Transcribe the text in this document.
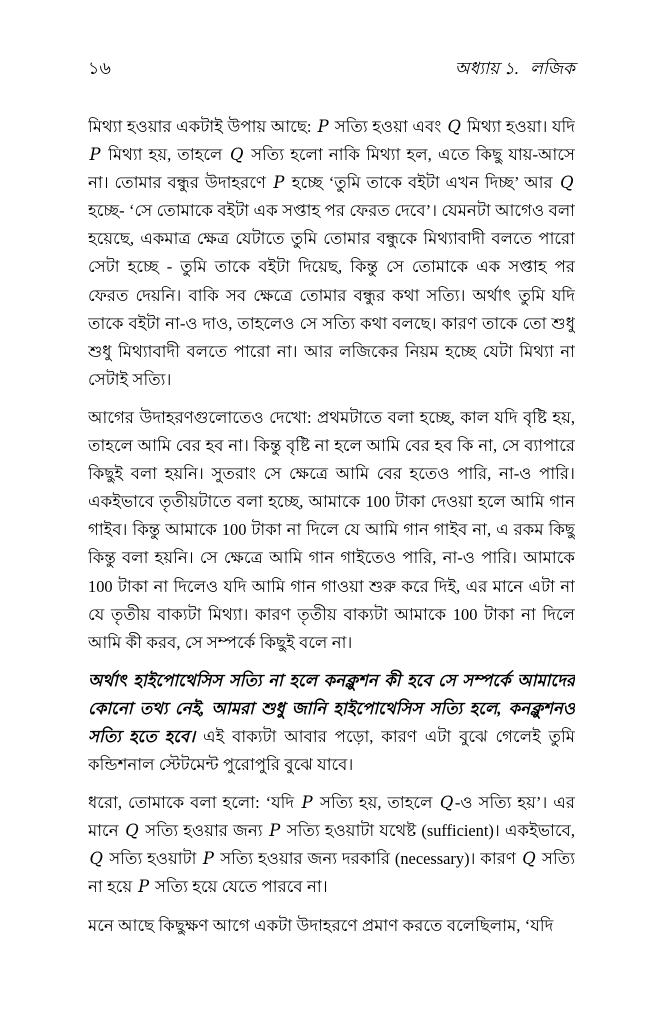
১৬	অধ্যায় ১. লজিক

মিথ্যা হওয়ার একটাই উপায় আছে: P সত্যি হওয়া এবং Q মিথ্যা হওয়া। যদি P মিথ্যা হয়, তাহলে Q সত্যি হলো নাকি মিথ্যা হল, এতে কিছু যায়-আসে না। তোমার বন্ধুর উদাহরণে P হচ্ছে ‘তুমি তাকে বইটা এখন দিচ্ছ’ আর Q হচ্ছে- ‘সে তোমাকে বইটা এক সপ্তাহ পর ফেরত দেবে’। যেমনটা আগেও বলা হয়েছে, একমাত্র ক্ষেত্র যেটাতে তুমি তোমার বন্ধুকে মিথ্যাবাদী বলতে পারো সেটা হচ্ছে - তুমি তাকে বইটা দিয়েছ, কিন্তু সে তোমাকে এক সপ্তাহ পর ফেরত দেয়নি। বাকি সব ক্ষেত্রে তোমার বন্ধুর কথা সত্যি। অর্থাৎ তুমি যদি তাকে বইটা না-ও দাও, তাহলেও সে সত্যি কথা বলছে। কারণ তাকে তো শুধু শুধু মিথ্যাবাদী বলতে পারো না। আর লজিকের নিয়ম হচ্ছে যেটা মিথ্যা না সেটাই সত্যি।

আগের উদাহরণগুলোতেও দেখো: প্রথমটাতে বলা হচ্ছে, কাল যদি বৃষ্টি হয়, তাহলে আমি বের হব না। কিন্তু বৃষ্টি না হলে আমি বের হব কি না, সে ব্যাপারে কিছুই বলা হয়নি। সুতরাং সে ক্ষেত্রে আমি বের হতেও পারি, না-ও পারি। একইভাবে তৃতীয়টাতে বলা হচ্ছে, আমাকে 100 টাকা দেওয়া হলে আমি গান গাইব। কিন্তু আমাকে 100 টাকা না দিলে যে আমি গান গাইব না, এ রকম কিছু কিন্তু বলা হয়নি। সে ক্ষেত্রে আমি গান গাইতেও পারি, না-ও পারি। আমাকে 100 টাকা না দিলেও যদি আমি গান গাওয়া শুরু করে দিই, এর মানে এটা না যে তৃতীয় বাক্যটা মিথ্যা। কারণ তৃতীয় বাক্যটা আমাকে 100 টাকা না দিলে আমি কী করব, সে সম্পর্কে কিছুই বলে না।

অর্থাৎ হাইপোথেসিস সত্যি না হলে কনক্লুশন কী হবে সে সম্পর্কে আমাদের কোনো তথ্য নেই, আমরা শুধু জানি হাইপোথেসিস সত্যি হলে, কনক্লুশনও সত্যি হতে হবে। এই বাক্যটা আবার পড়ো, কারণ এটা বুঝে গেলেই তুমি কন্ডিশনাল স্টেটমেন্ট পুরোপুরি বুঝে যাবে।

ধরো, তোমাকে বলা হলো: ‘যদি P সত্যি হয়, তাহলে Q-ও সত্যি হয়’। এর মানে Q সত্যি হওয়ার জন্য P সত্যি হওয়াটা যথেষ্ট (sufficient)। একইভাবে, Q সত্যি হওয়াটা P সত্যি হওয়ার জন্য দরকারি (necessary)। কারণ Q সত্যি না হয়ে P সত্যি হয়ে যেতে পারবে না।

মনে আছে কিছুক্ষণ আগে একটা উদাহরণে প্রমাণ করতে বলেছিলাম, ‘যদি
